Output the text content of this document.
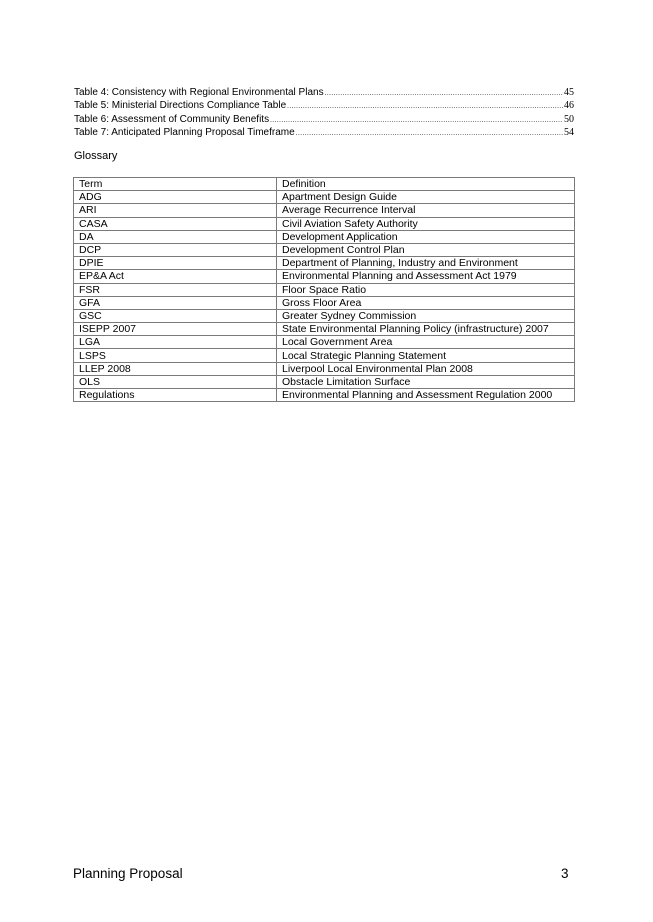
Table 4: Consistency with Regional Environmental Plans .....	45
Table 5: Ministerial Directions Compliance Table .....	46
Table 6: Assessment of Community Benefits .....	50
Table 7: Anticipated Planning Proposal Timeframe .....	54
Glossary
Term	Definition
ADG	Apartment Design Guide
ARI	Average Recurrence Interval
CASA	Civil Aviation Safety Authority
DA	Development Application
DCP	Development Control Plan
DPIE	Department of Planning, Industry and Environment
EP&A Act	Environmental Planning and Assessment Act 1979
FSR	Floor Space Ratio
GFA	Gross Floor Area
GSC	Greater Sydney Commission
ISEPP 2007	State Environmental Planning Policy (infrastructure) 2007
LGA	Local Government Area
LSPS	Local Strategic Planning Statement
LLEP 2008	Liverpool Local Environmental Plan 2008
OLS	Obstacle Limitation Surface
Regulations	Environmental Planning and Assessment Regulation 2000
Planning Proposal	3
